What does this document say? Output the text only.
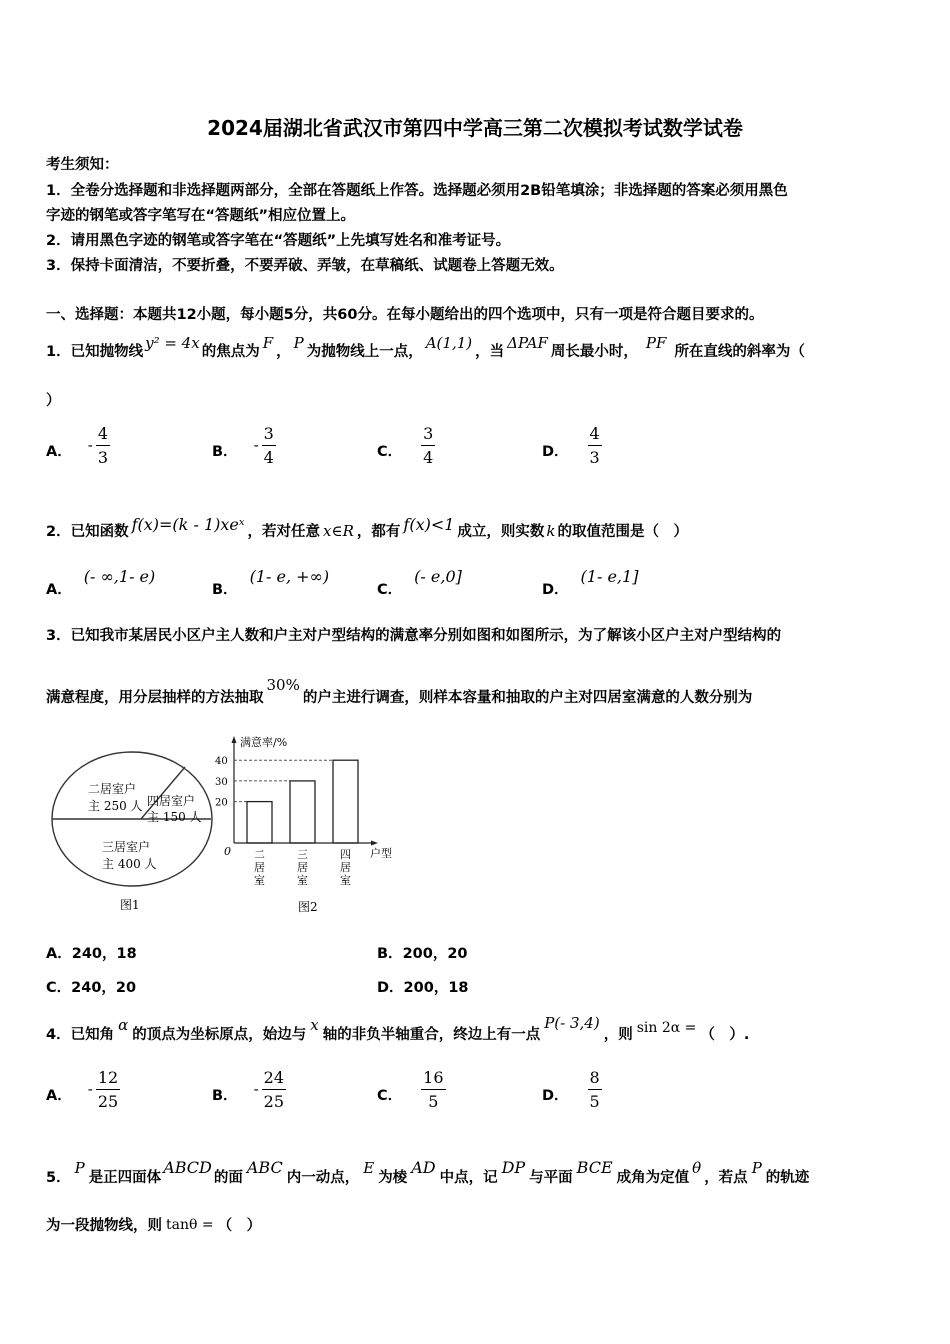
2024届湖北省武汉市第四中学高三第二次模拟考试数学试卷
考生须知：
1．全卷分选择题和非选择题两部分，全部在答题纸上作答。选择题必须用2B铅笔填涂；非选择题的答案必须用黑色
字迹的钢笔或答字笔写在“答题纸”相应位置上。
2．请用黑色字迹的钢笔或答字笔在“答题纸”上先填写姓名和准考证号。
3．保持卡面清洁，不要折叠，不要弄破、弄皱，在草稿纸、试题卷上答题无效。
一、选择题：本题共12小题，每小题5分，共60分。在每小题给出的四个选项中，只有一项是符合题目要求的。
1．已知抛物线 y² = 4x 的焦点为 F ， P 为抛物线上一点， A(1,1) ，当 ΔPAF 周长最小时， PF 所在直线的斜率为（
）
A． - $\frac{4}{3}$	B． - $\frac{3}{4}$	C． $\frac{3}{4}$	D． $\frac{4}{3}$
2．已知函数 f(x)=(k - 1)xeˣ ，若对任意 x∈R ，都有 f(x)<1 成立，则实数 k 的取值范围是（　）
A．(- ∞,1- e)
B．(1- e, +∞)
C．(- e,0]
D．(1- e,1]
3．已知我市某居民小区户主人数和户主对户型结构的满意率分别如图和如图所示，为了解该小区户主对户型结构的
满意程度，用分层抽样的方法抽取30%的户主进行调查，则样本容量和抽取的户主对四居室满意的人数分别为
二居室户
主 250 人 四居室户
主 150 人
三居室户
主 400 人
图1
满意率/%
户型
0
20
30
40
二
居
室
三
居
室
四
居
室
图2
A．240，18	B．200，20
C．240，20	D．200，18
4．已知角α的顶点为坐标原点，始边与x轴的非负半轴重合，终边上有一点P(- 3,4)，则 sin 2α = （　）.
A． - $\frac{12}{25}$	B． - $\frac{24}{25}$	C． $\frac{16}{5}$	D． $\frac{8}{5}$
5．P是正四面体ABCD的面ABC内一动点，E为棱AD中点，记DP与平面BCE成角为定值θ，若点P的轨迹
为一段抛物线，则 tanθ = （　）
